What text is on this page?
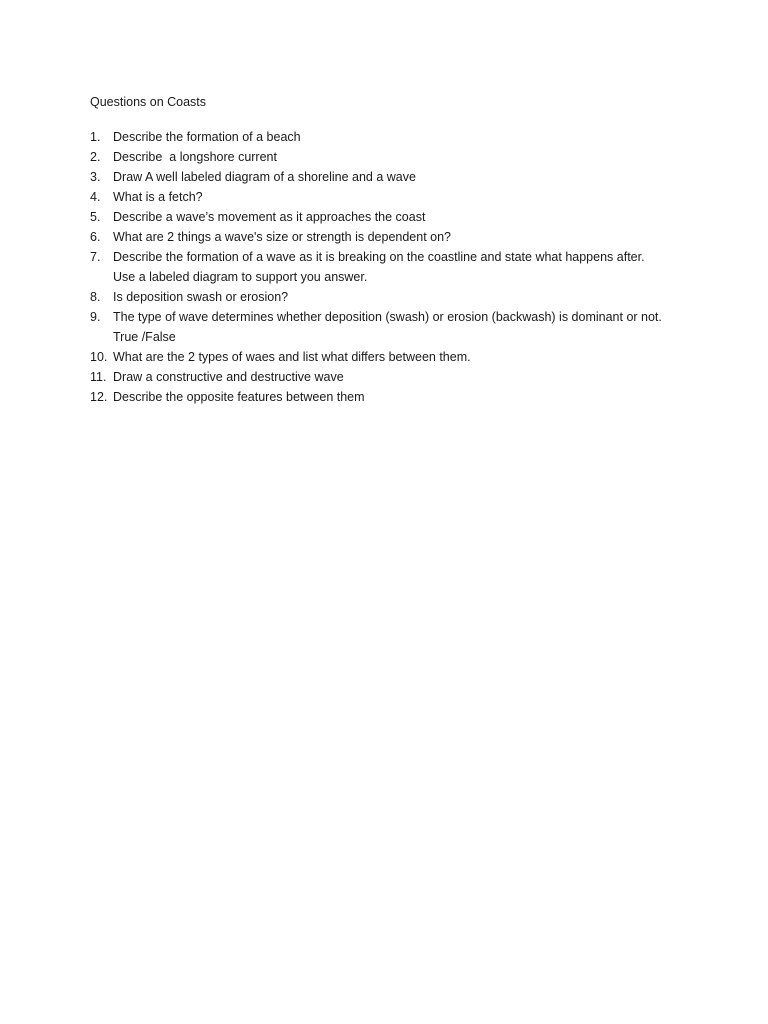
Questions on Coasts
1.	Describe the formation of a beach
2.	Describe  a longshore current
3.	Draw A well labeled diagram of a shoreline and a wave
4.	What is a fetch?
5.	Describe a wave’s movement as it approaches the coast
6.	What are 2 things a wave's size or strength is dependent on?
7.	Describe the formation of a wave as it is breaking on the coastline and state what happens after.
Use a labeled diagram to support you answer.
8.	Is deposition swash or erosion?
9.	The type of wave determines whether deposition (swash) or erosion (backwash) is dominant or not.
True /False
10. What are the 2 types of waes and list what differs between them.
11. Draw a constructive and destructive wave
12. Describe the opposite features between them
